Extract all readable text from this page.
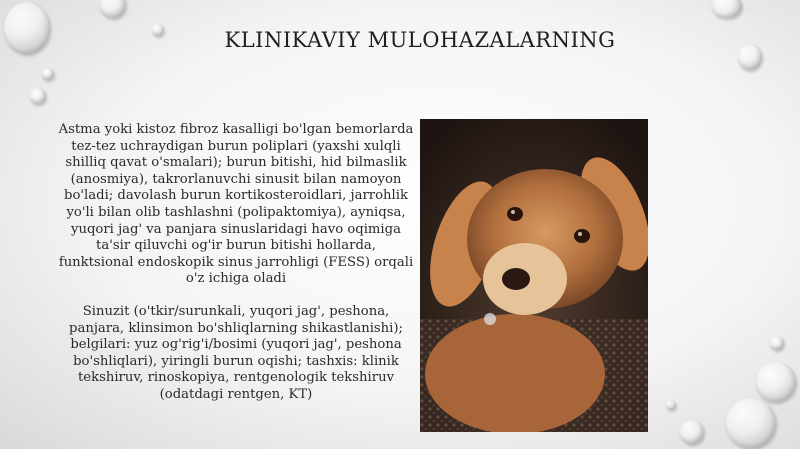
KLINIKAVIY MULOHAZALARNING

Astma yoki kistoz fibroz kasalligi bo'lgan bemorlarda tez-tez uchraydigan burun poliplari (yaxshi xulqli shilliq qavat o'smalari); burun bitishi, hid bilmaslik (anosmiya), takrorlanuvchi sinusit bilan namoyon bo'ladi; davolash burun kortikosteroidlari, jarrohlik yo'li bilan olib tashlashni (polipaktomiya), ayniqsa, yuqori jag' va panjara sinuslaridagi havo oqimiga ta'sir qiluvchi og'ir burun bitishi hollarda, funktsional endoskopik sinus jarrohligi (FESS) orqali o'z ichiga oladi

Sinuzit (o'tkir/surunkali, yuqori jag', peshona, panjara, klinsimon bo'shliqlarning shikastlanishi); belgilari: yuz og'rig'i/bosimi (yuqori jag', peshona bo'shliqlari), yiringli burun oqishi; tashxis: klinik tekshiruv, rinoskopiya, rentgenologik tekshiruv (odatdagi rentgen, KT)
